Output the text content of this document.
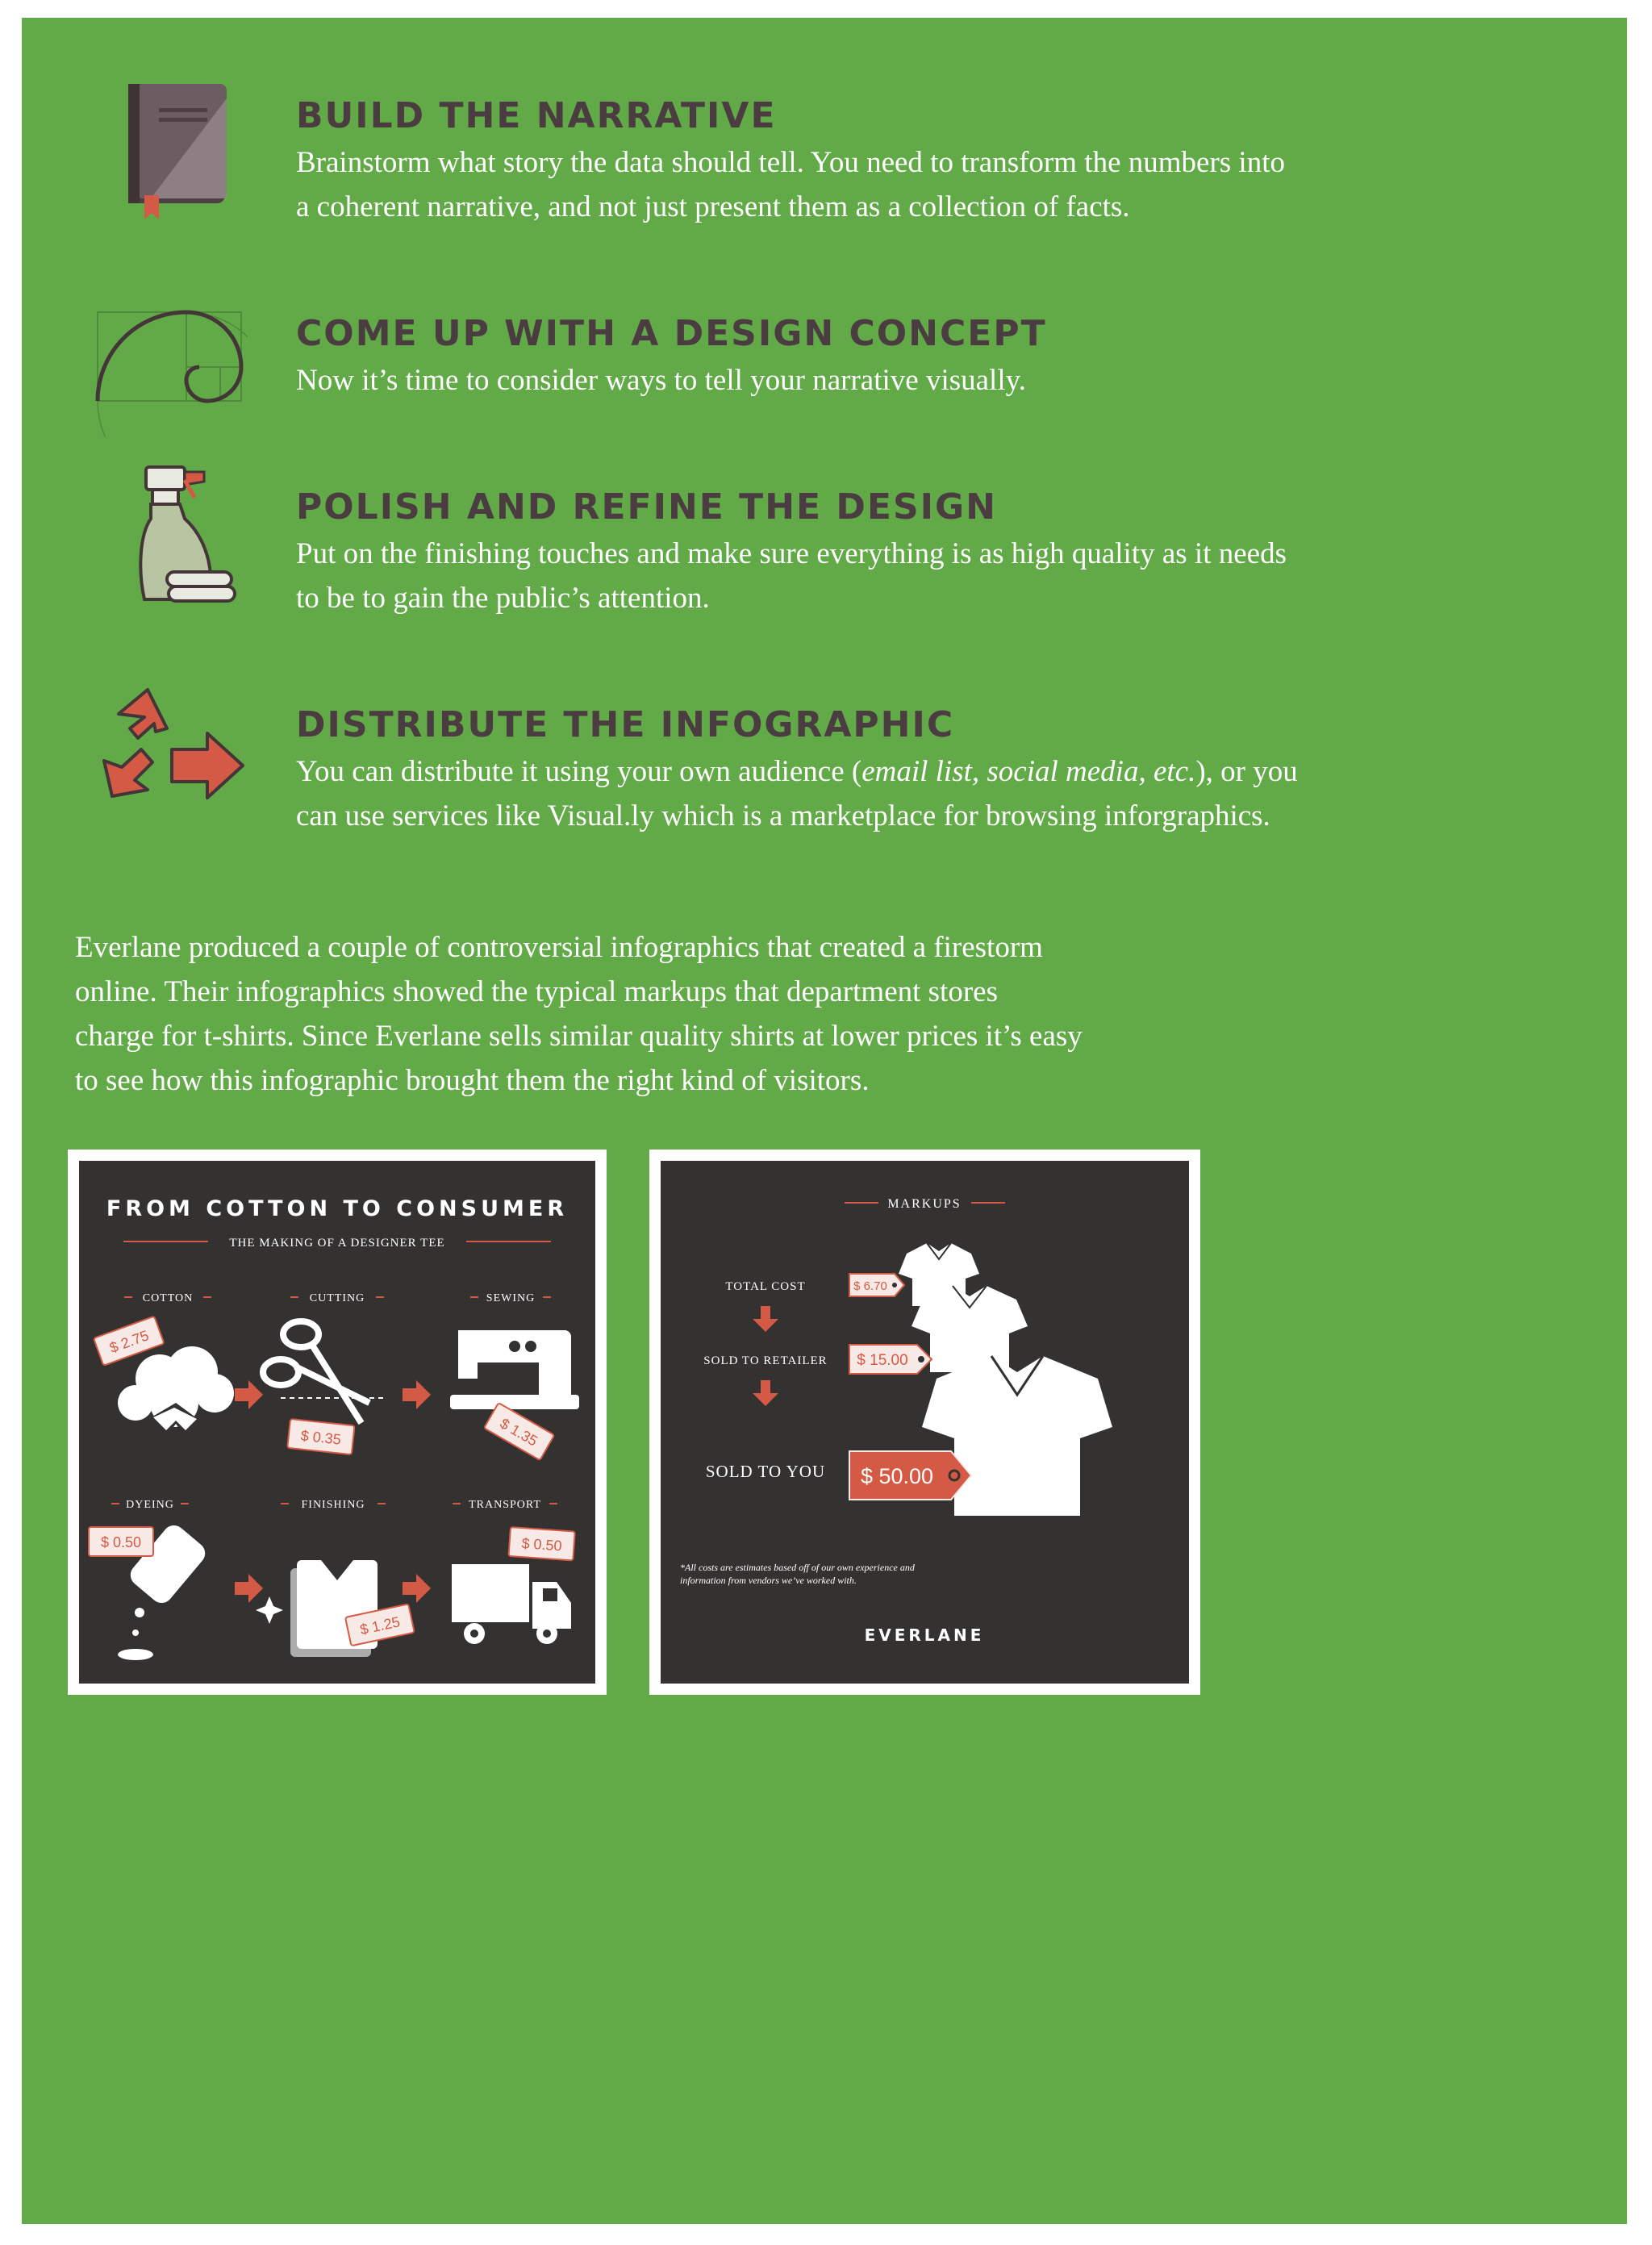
BUILD THE NARRATIVE

Brainstorm what story the data should tell. You need to transform the numbers into
a coherent narrative, and not just present them as a collection of facts.

COME UP WITH A DESIGN CONCEPT

Now it’s time to consider ways to tell your narrative visually.

POLISH AND REFINE THE DESIGN

Put on the finishing touches and make sure everything is as high quality as it needs
to be to gain the public’s attention.

DISTRIBUTE THE INFOGRAPHIC

You can distribute it using your own audience (email list, social media, etc.), or you
can use services like Visual.ly which is a marketplace for browsing inforgraphics.

Everlane produced a couple of controversial infographics that created a firestorm
online. Their infographics showed the typical markups that department stores
charge for t-shirts. Since Everlane sells similar quality shirts at lower prices it’s easy
to see how this infographic brought them the right kind of visitors.

FROM COTTON TO CONSUMER
THE MAKING OF A DESIGNER TEE
COTTON	CUTTING	SEWING
DYEING	FINISHING	TRANSPORT
$ 2.75
$ 0.35	$ 1.35
$ 0.50
$ 1.25
$ 0.50
MARKUPS
TOTAL COST
SOLD TO RETAILER
SOLD TO YOU
$ 6.70
$ 15.00
$ 50.00
*All costs are estimates based off of our own experience and
information from vendors we’ve worked with.
EVERLANE
